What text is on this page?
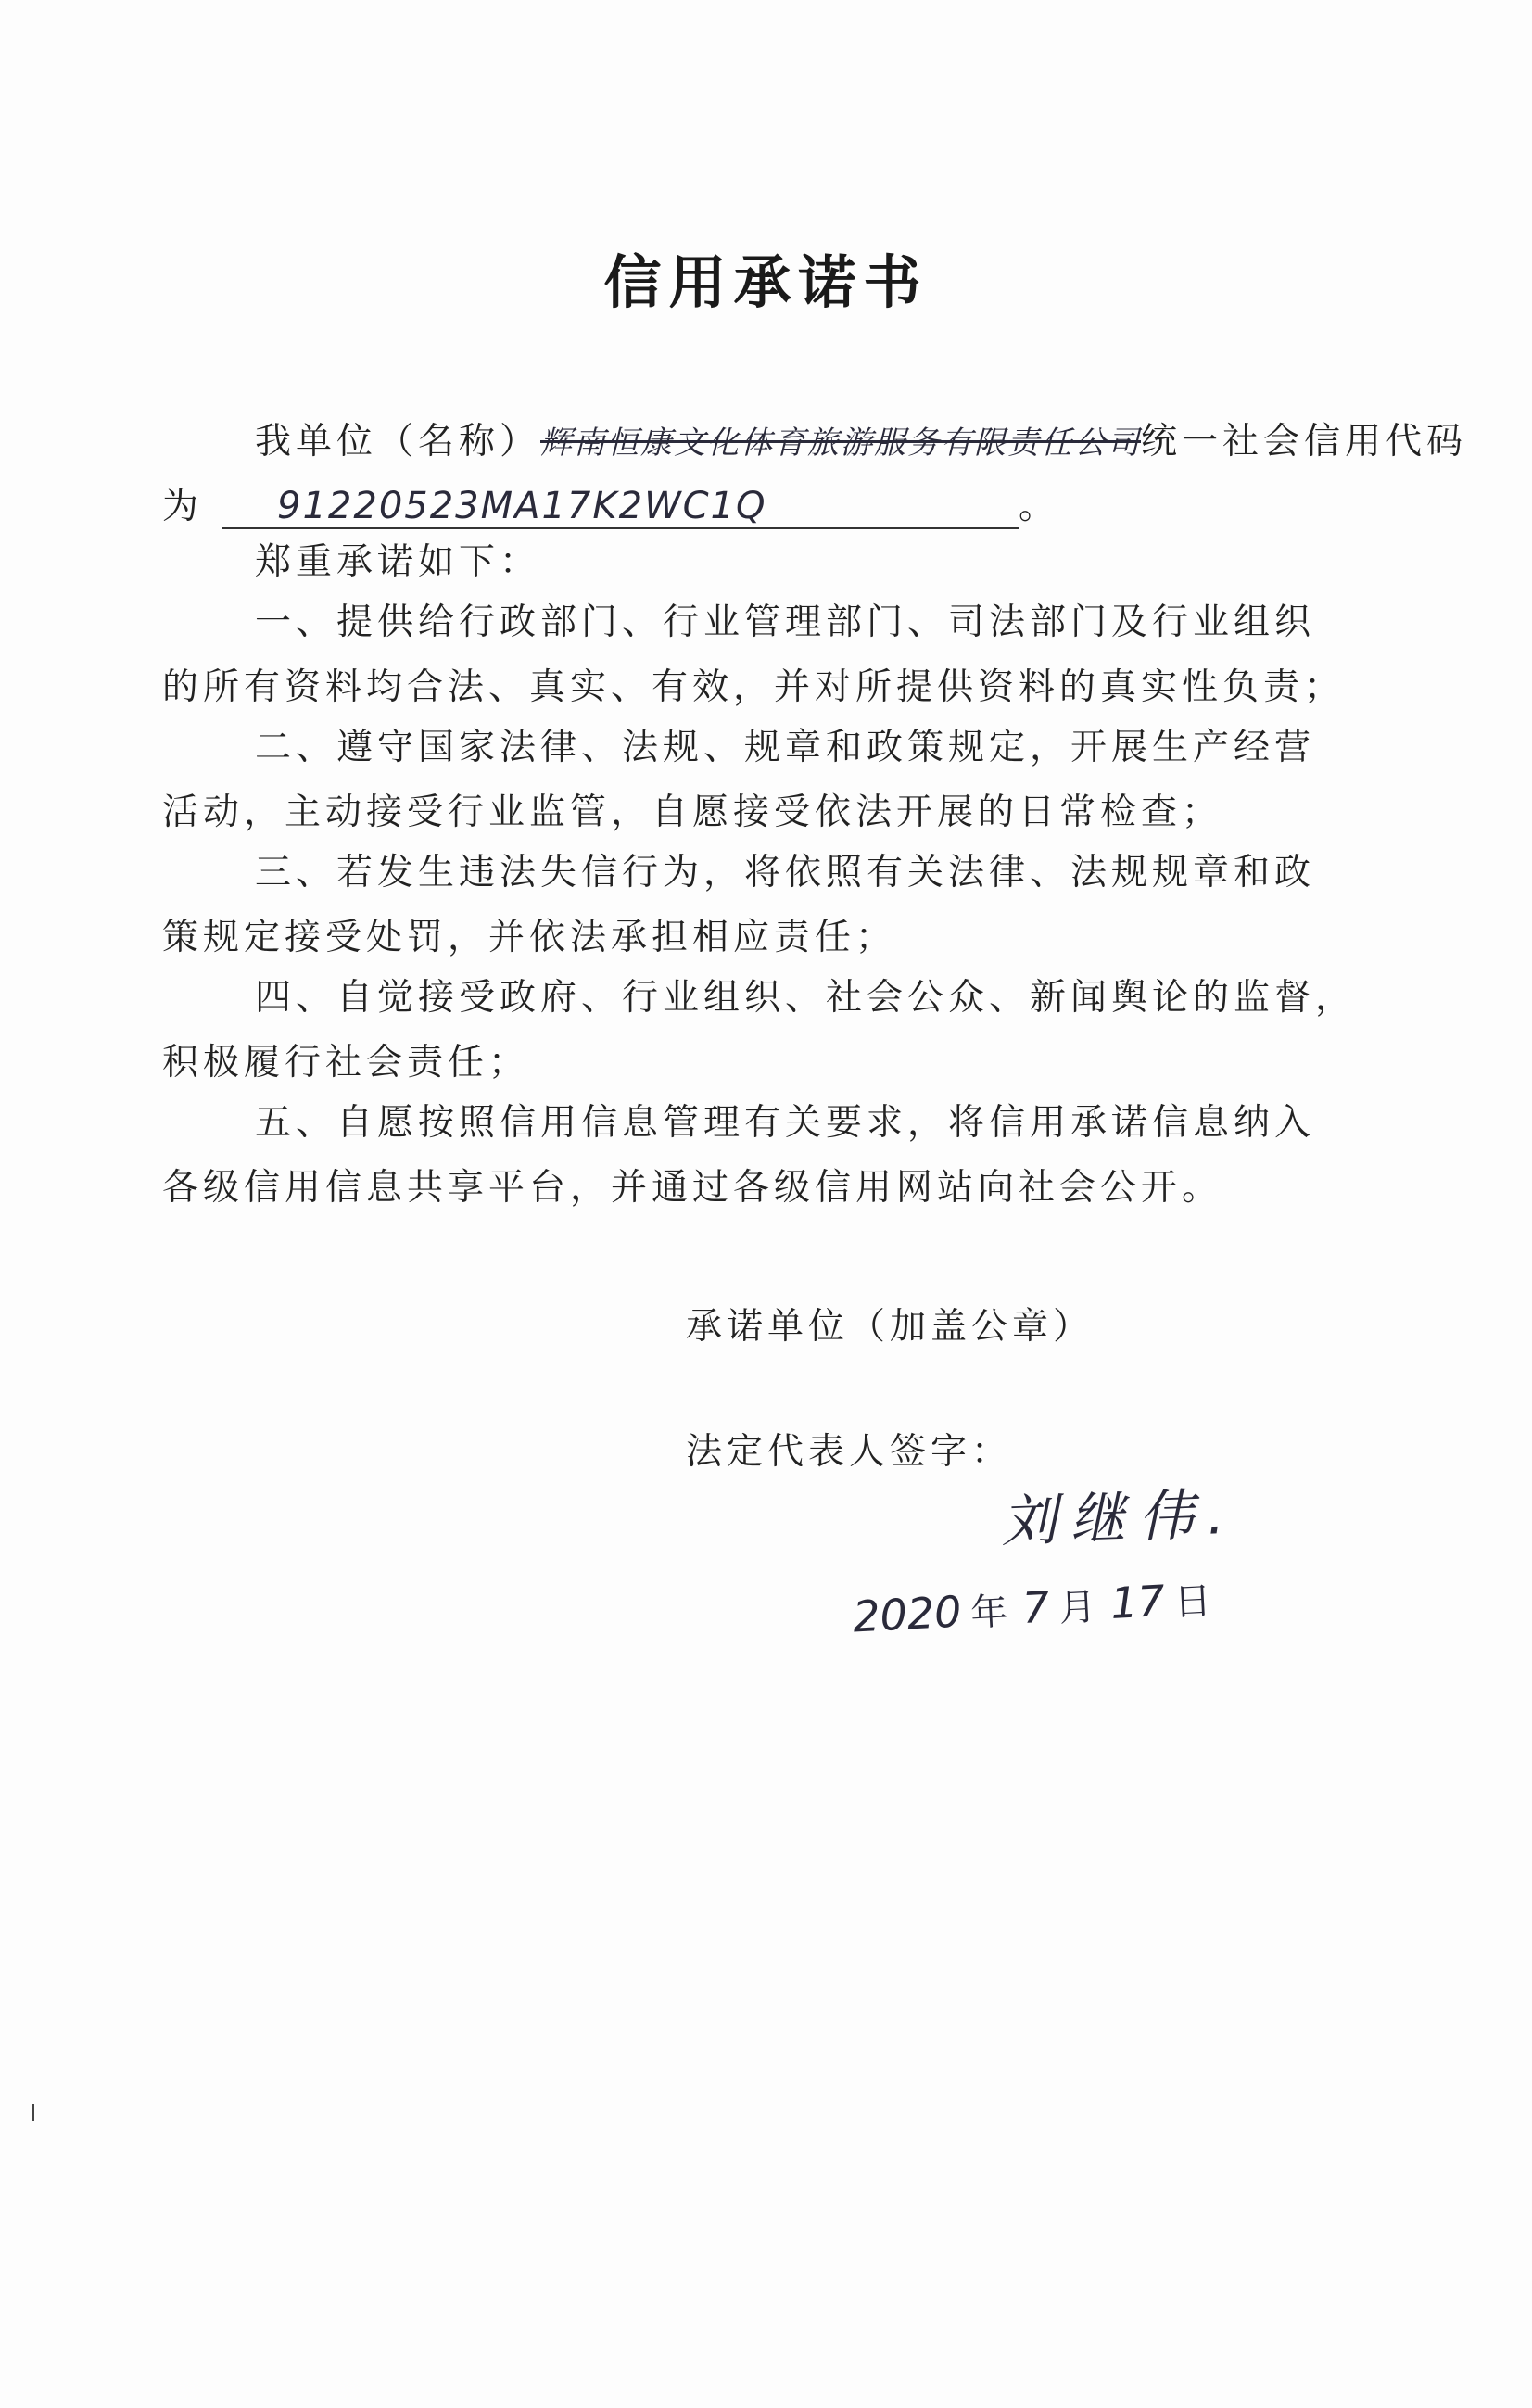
信用承诺书
我单位（名称）辉南恒康文化体育旅游服务有限责任公司统一社会信用代码
为 91220523MA17K2WC1Q	。
郑重承诺如下：
一、提供给行政部门、行业管理部门、司法部门及行业组织
的所有资料均合法、真实、有效，并对所提供资料的真实性负责；
二、遵守国家法律、法规、规章和政策规定，开展生产经营
活动，主动接受行业监管，自愿接受依法开展的日常检查；
三、若发生违法失信行为，将依照有关法律、法规规章和政
策规定接受处罚，并依法承担相应责任；
四、自觉接受政府、行业组织、社会公众、新闻舆论的监督，
积极履行社会责任；
五、自愿按照信用信息管理有关要求，将信用承诺信息纳入
各级信用信息共享平台，并通过各级信用网站向社会公开。
承诺单位（加盖公章）
法定代表人签字：
刘继伟.
2020 年 7 月 17 日
